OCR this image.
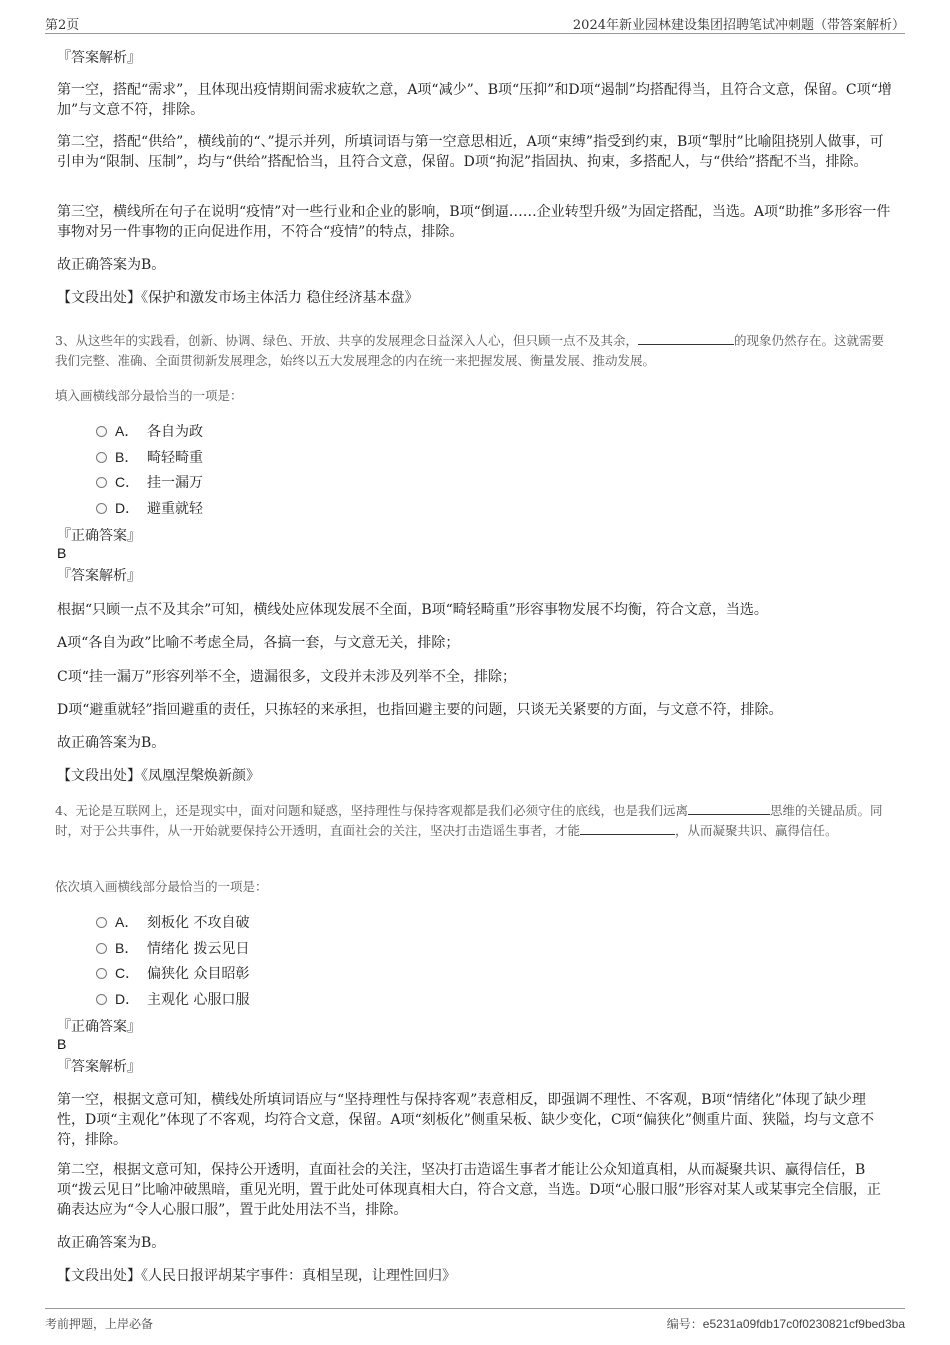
第2页	2024年新业园林建设集团招聘笔试冲刺题（带答案解析）
『答案解析』
第一空，搭配“需求”，且体现出疫情期间需求疲软之意，A项“减少”、B项“压抑”和D项“遏制”均搭配得当，且符合文意，保留。C项“增加”与文意不符，排除。
第二空，搭配“供给”，横线前的“、”提示并列，所填词语与第一空意思相近，A项“束缚”指受到约束，B项“掣肘”比喻阻挠别人做事，可引申为“限制、压制”，均与“供给”搭配恰当，且符合文意，保留。D项“拘泥”指固执、拘束，多搭配人，与“供给”搭配不当，排除。
第三空，横线所在句子在说明“疫情”对一些行业和企业的影响，B项“倒逼……企业转型升级”为固定搭配，当选。A项“助推”多形容一件事物对另一件事物的正向促进作用，不符合“疫情”的特点，排除。
故正确答案为B。
【文段出处】《保护和激发市场主体活力 稳住经济基本盘》
3、从这些年的实践看，创新、协调、绿色、开放、共享的发展理念日益深入人心，但只顾一点不及其余，	的现象仍然存在。这就需要我们完整、准确、全面贯彻新发展理念，始终以五大发展理念的内在统一来把握发展、衡量发展、推动发展。
填入画横线部分最恰当的一项是：
A． 各自为政
B． 畸轻畸重
C． 挂一漏万
D． 避重就轻
『正确答案』
B
『答案解析』
根据“只顾一点不及其余”可知，横线处应体现发展不全面，B项“畸轻畸重”形容事物发展不均衡，符合文意，当选。
A项“各自为政”比喻不考虑全局，各搞一套，与文意无关，排除；
C项“挂一漏万”形容列举不全，遗漏很多，文段并未涉及列举不全，排除；
D项“避重就轻”指回避重的责任，只拣轻的来承担，也指回避主要的问题，只谈无关紧要的方面，与文意不符，排除。
故正确答案为B。
【文段出处】《凤凰涅槃焕新颜》
4、无论是互联网上，还是现实中，面对问题和疑惑，坚持理性与保持客观都是我们必须守住的底线，也是我们远离	思维的关键品质。同时，对于公共事件，从一开始就要保持公开透明，直面社会的关注，坚决打击造谣生事者，才能	，从而凝聚共识、赢得信任。
依次填入画横线部分最恰当的一项是：
A． 刻板化 不攻自破
B． 情绪化 拨云见日
C． 偏狭化 众目昭彰
D． 主观化 心服口服
『正确答案』
B
『答案解析』
第一空，根据文意可知，横线处所填词语应与“坚持理性与保持客观”表意相反，即强调不理性、不客观，B项“情绪化”体现了缺少理性，D项“主观化”体现了不客观，均符合文意，保留。A项“刻板化”侧重呆板、缺少变化，C项“偏狭化”侧重片面、狭隘，均与文意不符，排除。
第二空，根据文意可知，保持公开透明，直面社会的关注，坚决打击造谣生事者才能让公众知道真相，从而凝聚共识、赢得信任，B项“拨云见日”比喻冲破黑暗，重见光明，置于此处可体现真相大白，符合文意，当选。D项“心服口服”形容对某人或某事完全信服，正确表达应为“令人心服口服”，置于此处用法不当，排除。
故正确答案为B。
【文段出处】《人民日报评胡某宇事件：真相呈现，让理性回归》
考前押题，上岸必备	编号：e5231a09fdb17c0f0230821cf9bed3ba
